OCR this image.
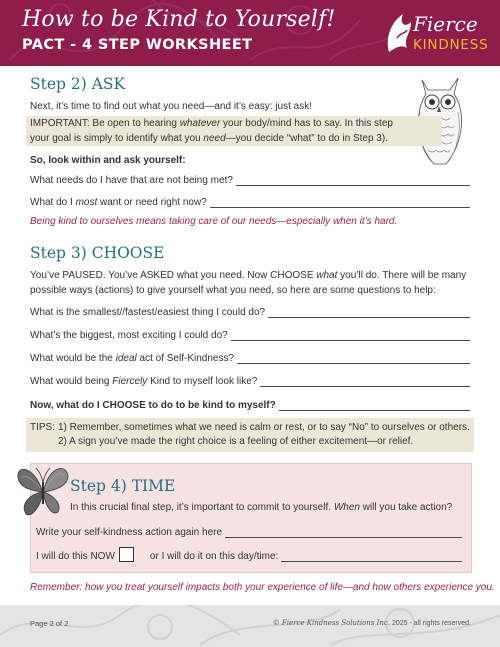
How to be Kind to Yourself!
PACT - 4 STEP WORKSHEET
Fierce
KINDNESS
Step 2) ASK
Next, it’s time to find out what you need—and it’s easy: just ask!
IMPORTANT: Be open to hearing whatever your body/mind has to say. In this step
your goal is simply to identify what you need—you decide “what” to do in Step 3).
So, look within and ask yourself:
What needs do I have that are not being met?
What do I most want or need right now?
Being kind to ourselves means taking care of our needs—especially when it’s hard.
Step 3) CHOOSE
You’ve PAUSED. You’ve ASKED what you need. Now CHOOSE what you’ll do. There will be many
possible ways (actions) to give yourself what you need, so here are some questions to help:
What is the smallest//fastest/easiest thing I could do?
What’s the biggest, most exciting I could do?
What would be the ideal act of Self-Kindness?
What would being Fiercely Kind to myself look like?
Now, what do I CHOOSE to do to be kind to myself?
TIPS: 1) Remember, sometimes what we need is calm or rest, or to say “No” to ourselves or others.
2) A sign you’ve made the right choice is a feeling of either excitement—or relief.
Step 4) TIME
In this crucial final step, it’s important to commit to yourself. When will you take action?
Write your self-kindness action again here
I will do this NOW	or I will do it on this day/time:
Remember: how you treat yourself impacts both your experience of life—and how others experience you.
Page 2 of 2	© Fierce Kindness Solutions Inc. 2025 - all rights reserved.
